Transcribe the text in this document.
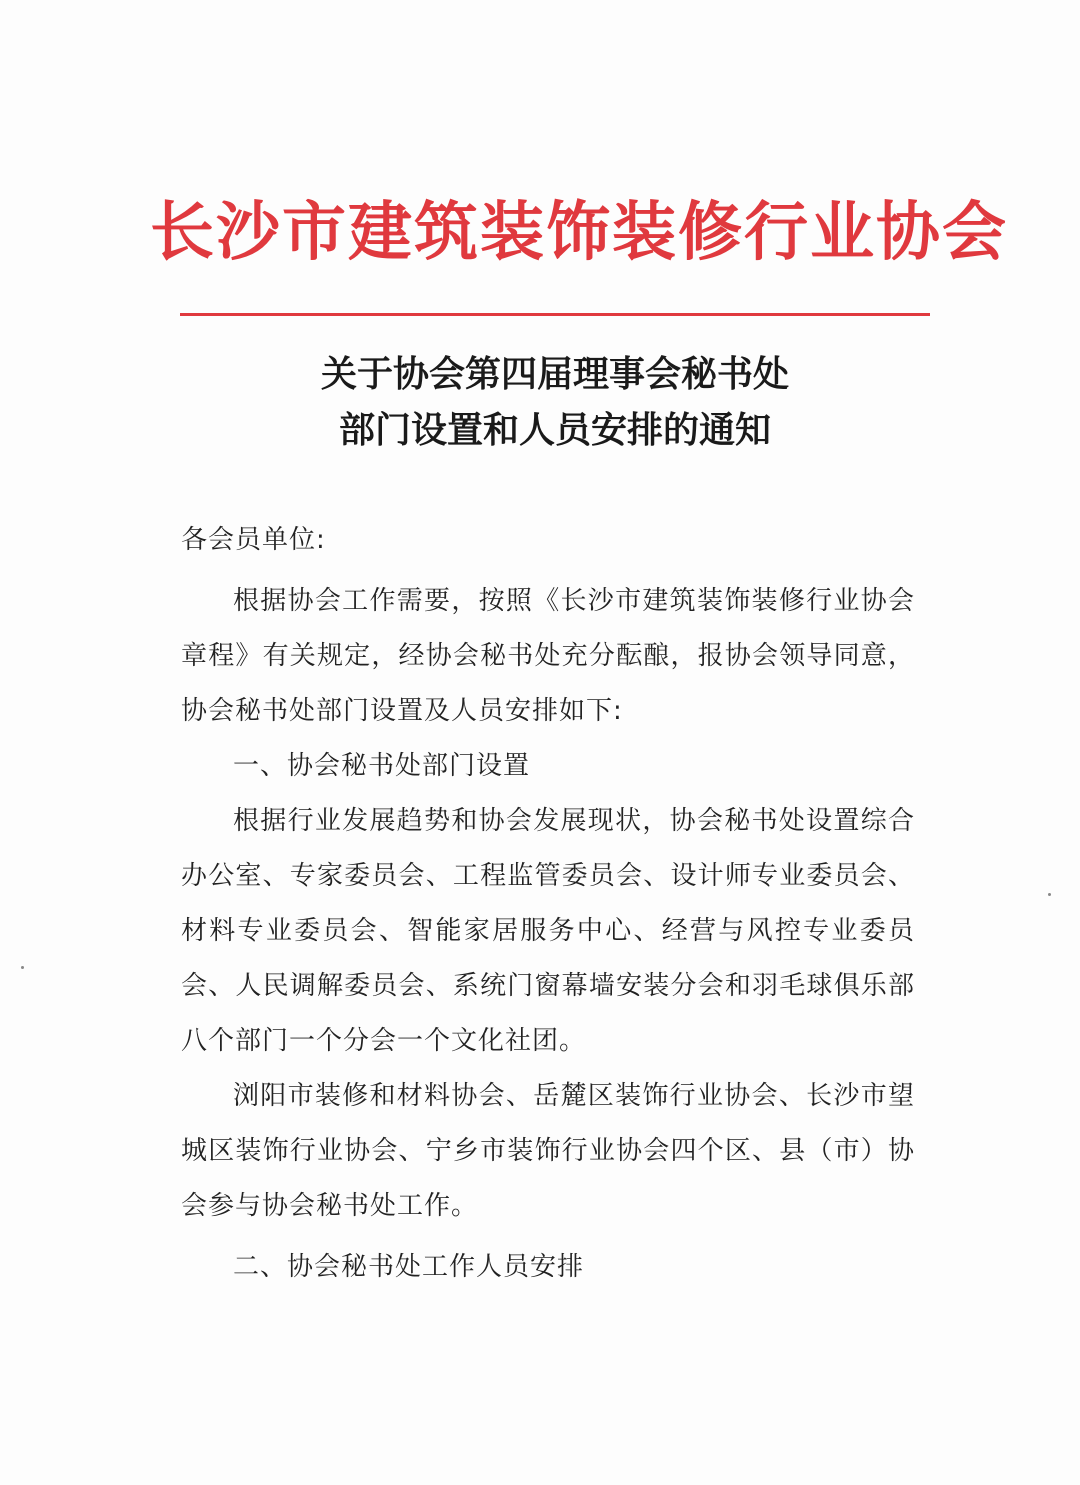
长沙市建筑装饰装修行业协会
关于协会第四届理事会秘书处
部门设置和人员安排的通知

各会员单位:

根据协会工作需要，按照《长沙市建筑装饰装修行业协会章程》有关规定，经协会秘书处充分酝酿，报协会领导同意，协会秘书处部门设置及人员安排如下:

一、协会秘书处部门设置

根据行业发展趋势和协会发展现状，协会秘书处设置综合办公室、专家委员会、工程监管委员会、设计师专业委员会、材料专业委员会、智能家居服务中心、经营与风控专业委员会、人民调解委员会、系统门窗幕墙安装分会和羽毛球俱乐部八个部门一个分会一个文化社团。

浏阳市装修和材料协会、岳麓区装饰行业协会、长沙市望城区装饰行业协会、宁乡市装饰行业协会四个区、县（市）协会参与协会秘书处工作。

二、协会秘书处工作人员安排
